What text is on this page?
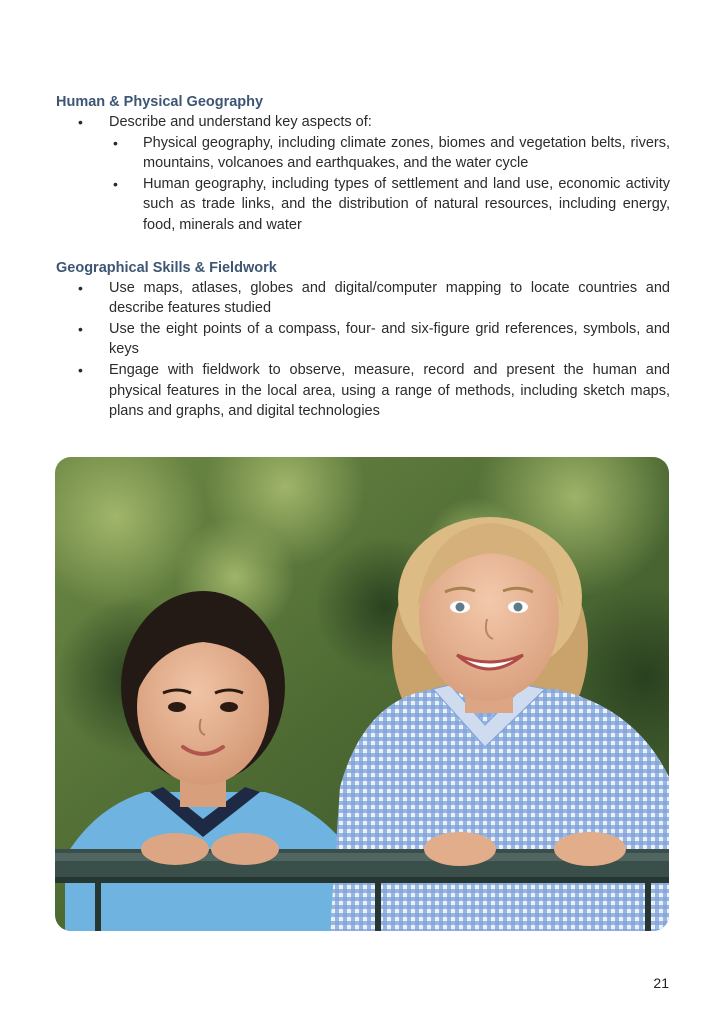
Human & Physical Geography

• Describe and understand key aspects of:
• Physical geography, including climate zones, biomes and vegetation belts, rivers, mountains, volcanoes and earthquakes, and the water cycle
• Human geography, including types of settlement and land use, economic activity such as trade links, and the distribution of natural resources, including energy, food, minerals and water

Geographical Skills & Fieldwork

• Use maps, atlases, globes and digital/computer mapping to locate countries and describe features studied
• Use the eight points of a compass, four- and six-figure grid references, symbols, and keys
• Engage with fieldwork to observe, measure, record and present the human and physical features in the local area, using a range of methods, including sketch maps, plans and graphs, and digital technologies
21
